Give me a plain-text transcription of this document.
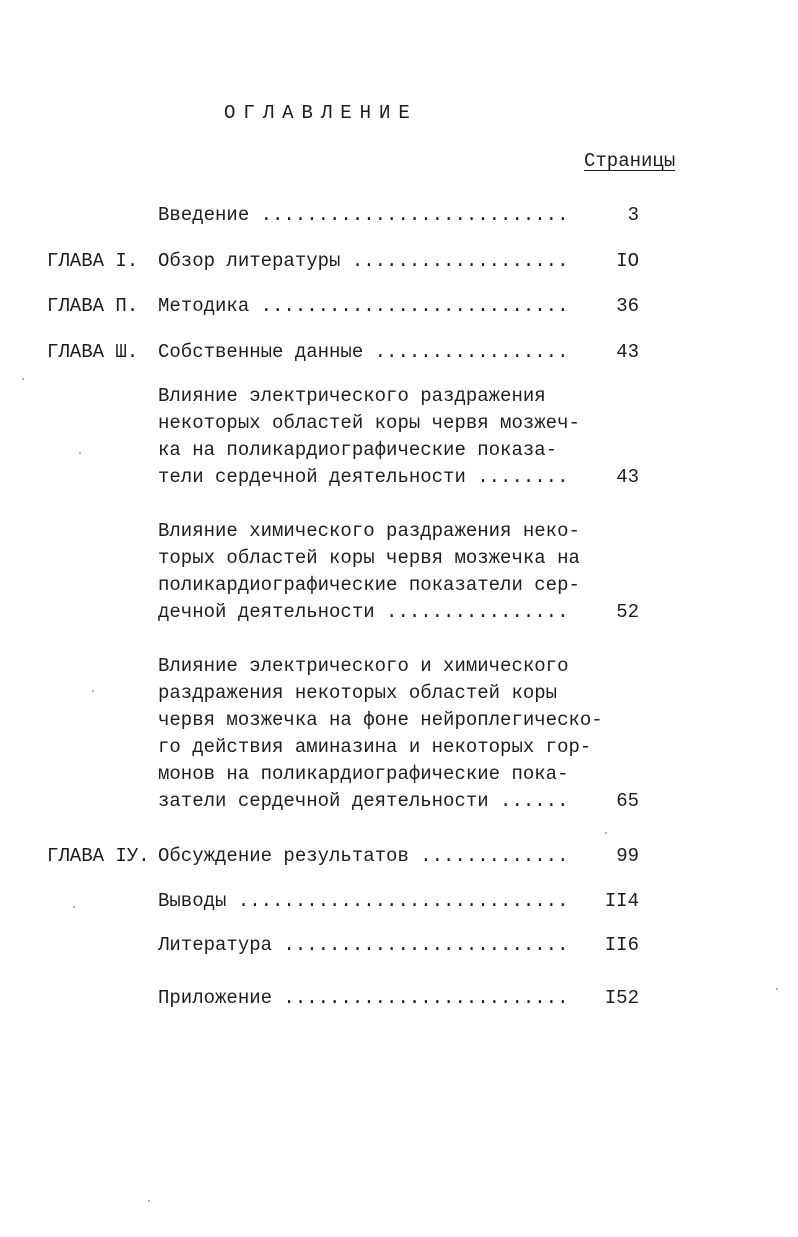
ОГЛАВЛЕНИЕ
Страницы
Введение ...........................	3
ГЛАВА I. Обзор литературы ...................	IO
ГЛАВА П. Методика ...........................	36
ГЛАВА Ш. Собственные данные .................	43
Влияние электрического раздражения
некоторых областей коры червя мозжеч-
ка на поликардиографические показа-
тели сердечной деятельности ........	43
Влияние химического раздражения неко-
торых областей коры червя мозжечка на
поликардиографические показатели сер-
дечной деятельности ................	52
Влияние электрического и химического
раздражения некоторых областей коры
червя мозжечка на фоне нейроплегическо-
го действия аминазина и некоторых гор-
монов на поликардиографические пока-
затели сердечной деятельности ......	65
ГЛАВА IУ. Обсуждение результатов .............	99
Выводы .............................	II4
Литература .........................	II6
Приложение .........................	I52
